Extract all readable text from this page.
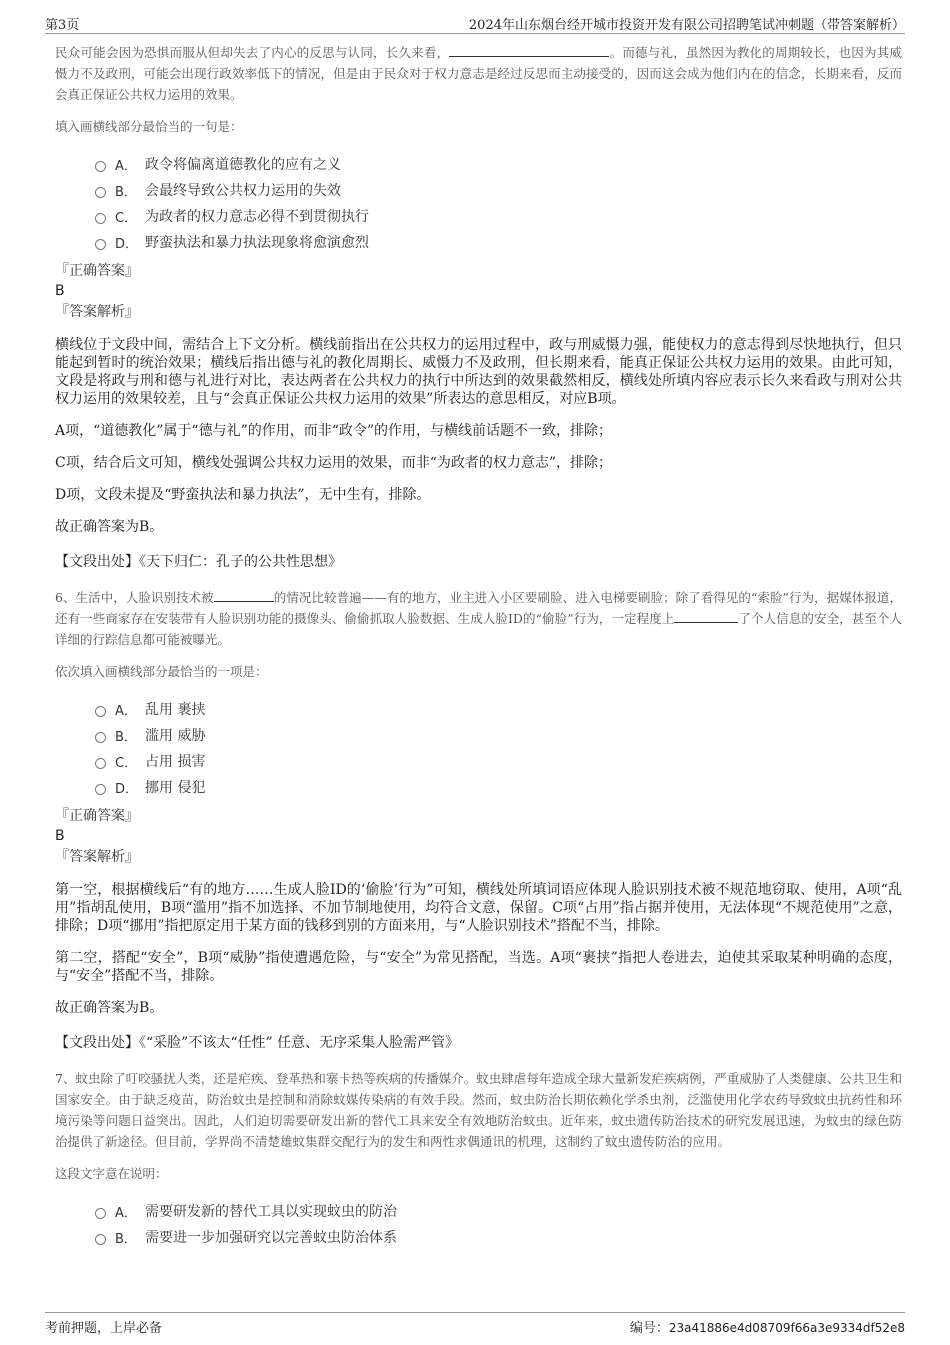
第3页	2024年山东烟台经开城市投资开发有限公司招聘笔试冲刺题（带答案解析）

民众可能会因为恐惧而服从但却失去了内心的反思与认同，长久来看，	。而德与礼，虽然因为教化的周期较长，也因为其威慑力不及政刑，可能会出现行政效率低下的情况，但是由于民众对于权力意志是经过反思而主动接受的，因而这会成为他们内在的信念，长期来看，反而会真正保证公共权力运用的效果。

填入画横线部分最恰当的一句是：

A． 政令将偏离道德教化的应有之义
B． 会最终导致公共权力运用的失效
C． 为政者的权力意志必得不到贯彻执行
D． 野蛮执法和暴力执法现象将愈演愈烈

『正确答案』

B

『答案解析』

横线位于文段中间，需结合上下文分析。横线前指出在公共权力的运用过程中，政与刑威慑力强，能使权力的意志得到尽快地执行，但只能起到暂时的统治效果；横线后指出德与礼的教化周期长、威慑力不及政刑，但长期来看，能真正保证公共权力运用的效果。由此可知，文段是将政与刑和德与礼进行对比，表达两者在公共权力的执行中所达到的效果截然相反，横线处所填内容应表示长久来看政与刑对公共权力运用的效果较差，且与“会真正保证公共权力运用的效果”所表达的意思相反，对应B项。

A项，“道德教化”属于“德与礼”的作用，而非“政令”的作用，与横线前话题不一致，排除；

C项，结合后文可知，横线处强调公共权力运用的效果，而非“为政者的权力意志”，排除；

D项，文段未提及“野蛮执法和暴力执法”，无中生有，排除。

故正确答案为B。

【文段出处】《天下归仁：孔子的公共性思想》

6、生活中，人脸识别技术被	的情况比较普遍——有的地方，业主进入小区要刷脸、进入电梯要刷脸；除了看得见的“索脸”行为，据媒体报道，还有一些商家存在安装带有人脸识别功能的摄像头、偷偷抓取人脸数据、生成人脸ID的“偷脸”行为，一定程度上	了个人信息的安全，甚至个人详细的行踪信息都可能被曝光。

依次填入画横线部分最恰当的一项是：

A． 乱用 裹挟
B． 滥用 威胁
C． 占用 损害
D． 挪用 侵犯

『正确答案』

B

『答案解析』

第一空，根据横线后“有的地方……生成人脸ID的‘偷脸’行为”可知，横线处所填词语应体现人脸识别技术被不规范地窃取、使用，A项“乱用”指胡乱使用，B项“滥用”指不加选择、不加节制地使用，均符合文意，保留。C项“占用”指占据并使用，无法体现“不规范使用”之意，排除；D项“挪用”指把原定用于某方面的钱移到别的方面来用，与“人脸识别技术”搭配不当，排除。

第二空，搭配“安全”，B项“威胁”指使遭遇危险，与“安全”为常见搭配，当选。A项“裹挟”指把人卷进去，迫使其采取某种明确的态度，与“安全”搭配不当，排除。

故正确答案为B。

【文段出处】《“采脸”不该太“任性” 任意、无序采集人脸需严管》

7、蚊虫除了叮咬骚扰人类，还是疟疾、登革热和寨卡热等疾病的传播媒介。蚊虫肆虐每年造成全球大量新发疟疾病例，严重威胁了人类健康、公共卫生和国家安全。由于缺乏疫苗，防治蚊虫是控制和消除蚊媒传染病的有效手段。然而，蚊虫防治长期依赖化学杀虫剂，泛滥使用化学农药导致蚊虫抗药性和环境污染等问题日益突出。因此，人们迫切需要研发出新的替代工具来安全有效地防治蚊虫。近年来，蚊虫遗传防治技术的研究发展迅速，为蚊虫的绿色防治提供了新途径。但目前，学界尚不清楚雄蚊集群交配行为的发生和两性求偶通讯的机理，这制约了蚊虫遗传防治的应用。

这段文字意在说明：

A． 需要研发新的替代工具以实现蚊虫的防治
B． 需要进一步加强研究以完善蚊虫防治体系
考前押题，上岸必备	编号：23a41886e4d08709f66a3e9334df52e8
